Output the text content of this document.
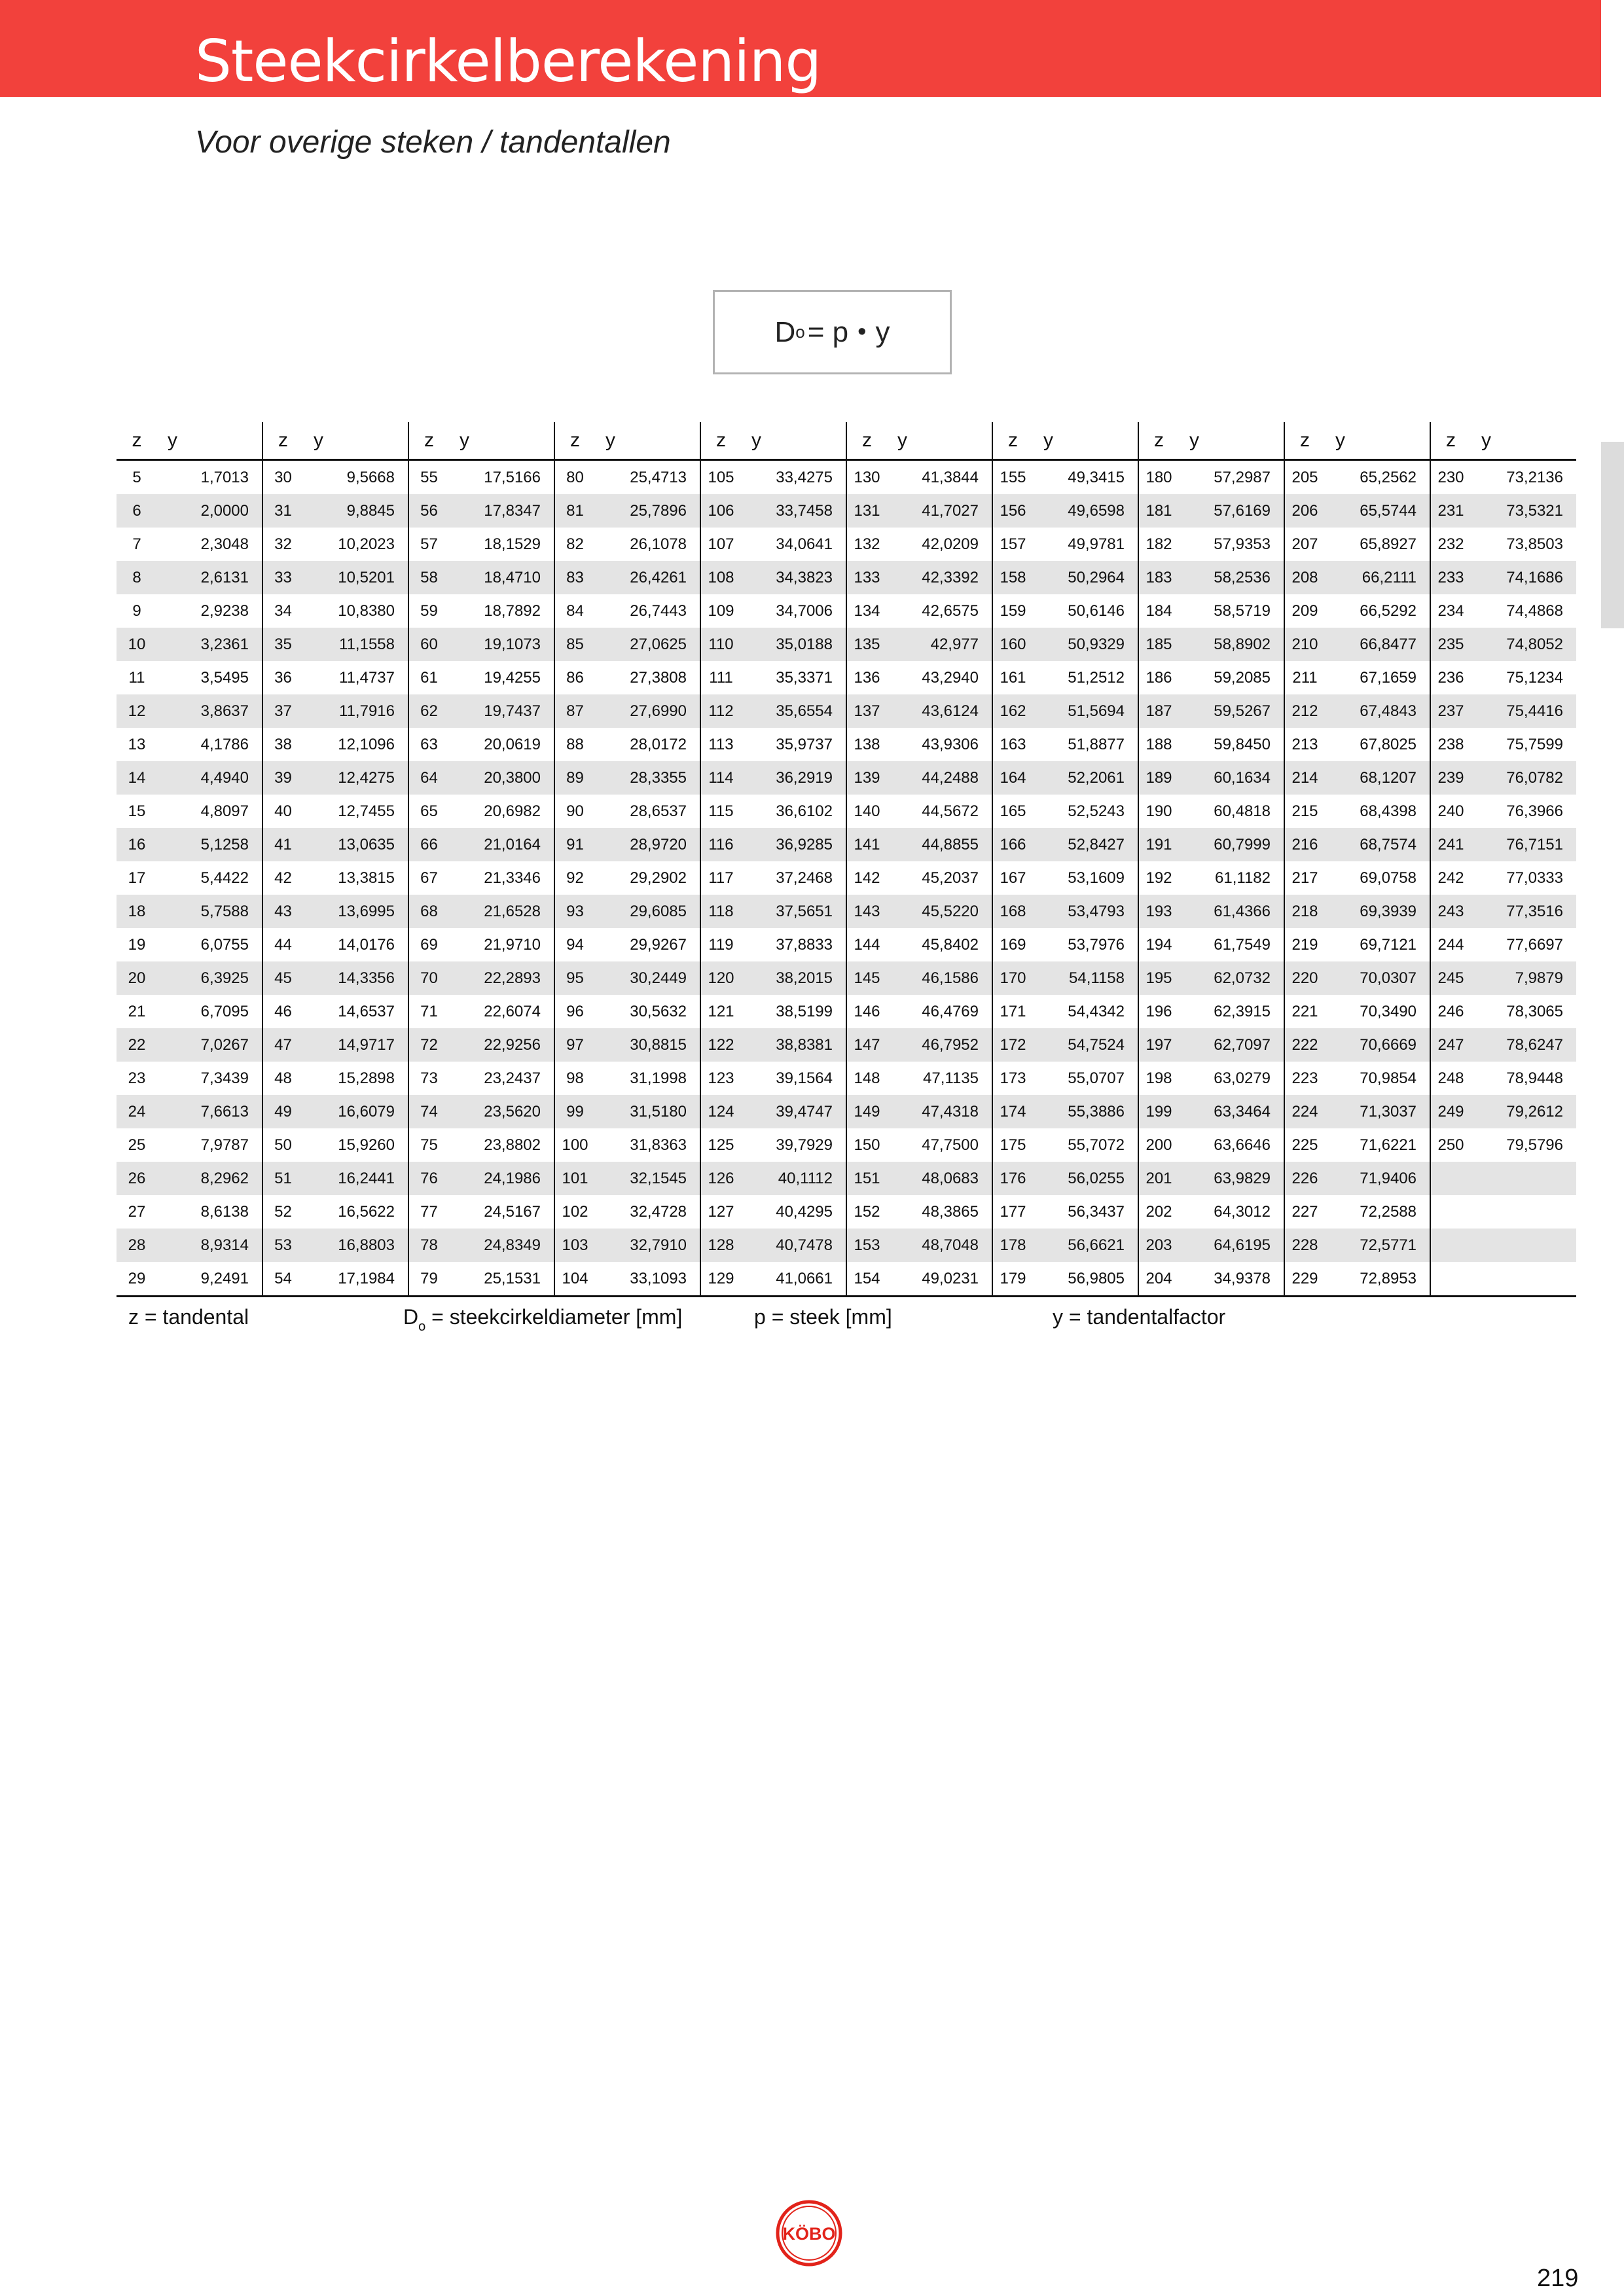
Steekcirkelberekening
Voor overige steken / tandentallen
D o = p • y
z	y	z	y	z	y	z	y	z	y	z	y	z	y	z	y	z	y	z	y
5	1,7013	30	9,5668	55	17,5166	80	25,4713	105	33,4275	130	41,3844	155	49,3415	180	57,2987	205	65,2562	230	73,2136
6	2,0000	31	9,8845	56	17,8347	81	25,7896	106	33,7458	131	41,7027	156	49,6598	181	57,6169	206	65,5744	231	73,5321
7	2,3048	32	10,2023	57	18,1529	82	26,1078	107	34,0641	132	42,0209	157	49,9781	182	57,9353	207	65,8927	232	73,8503
8	2,6131	33	10,5201	58	18,4710	83	26,4261	108	34,3823	133	42,3392	158	50,2964	183	58,2536	208	66,2111	233	74,1686
9	2,9238	34	10,8380	59	18,7892	84	26,7443	109	34,7006	134	42,6575	159	50,6146	184	58,5719	209	66,5292	234	74,4868
10	3,2361	35	11,1558	60	19,1073	85	27,0625	110	35,0188	135	42,977	160	50,9329	185	58,8902	210	66,8477	235	74,8052
11	3,5495	36	11,4737	61	19,4255	86	27,3808	111	35,3371	136	43,2940	161	51,2512	186	59,2085	211	67,1659	236	75,1234
12	3,8637	37	11,7916	62	19,7437	87	27,6990	112	35,6554	137	43,6124	162	51,5694	187	59,5267	212	67,4843	237	75,4416
13	4,1786	38	12,1096	63	20,0619	88	28,0172	113	35,9737	138	43,9306	163	51,8877	188	59,8450	213	67,8025	238	75,7599
14	4,4940	39	12,4275	64	20,3800	89	28,3355	114	36,2919	139	44,2488	164	52,2061	189	60,1634	214	68,1207	239	76,0782
15	4,8097	40	12,7455	65	20,6982	90	28,6537	115	36,6102	140	44,5672	165	52,5243	190	60,4818	215	68,4398	240	76,3966
16	5,1258	41	13,0635	66	21,0164	91	28,9720	116	36,9285	141	44,8855	166	52,8427	191	60,7999	216	68,7574	241	76,7151
17	5,4422	42	13,3815	67	21,3346	92	29,2902	117	37,2468	142	45,2037	167	53,1609	192	61,1182	217	69,0758	242	77,0333
18	5,7588	43	13,6995	68	21,6528	93	29,6085	118	37,5651	143	45,5220	168	53,4793	193	61,4366	218	69,3939	243	77,3516
19	6,0755	44	14,0176	69	21,9710	94	29,9267	119	37,8833	144	45,8402	169	53,7976	194	61,7549	219	69,7121	244	77,6697
20	6,3925	45	14,3356	70	22,2893	95	30,2449	120	38,2015	145	46,1586	170	54,1158	195	62,0732	220	70,0307	245	7,9879
21	6,7095	46	14,6537	71	22,6074	96	30,5632	121	38,5199	146	46,4769	171	54,4342	196	62,3915	221	70,3490	246	78,3065
22	7,0267	47	14,9717	72	22,9256	97	30,8815	122	38,8381	147	46,7952	172	54,7524	197	62,7097	222	70,6669	247	78,6247
23	7,3439	48	15,2898	73	23,2437	98	31,1998	123	39,1564	148	47,1135	173	55,0707	198	63,0279	223	70,9854	248	78,9448
24	7,6613	49	16,6079	74	23,5620	99	31,5180	124	39,4747	149	47,4318	174	55,3886	199	63,3464	224	71,3037	249	79,2612
25	7,9787	50	15,9260	75	23,8802	100	31,8363	125	39,7929	150	47,7500	175	55,7072	200	63,6646	225	71,6221	250	79,5796
26	8,2962	51	16,2441	76	24,1986	101	32,1545	126	40,1112	151	48,0683	176	56,0255	201	63,9829	226	71,9406		
27	8,6138	52	16,5622	77	24,5167	102	32,4728	127	40,4295	152	48,3865	177	56,3437	202	64,3012	227	72,2588		
28	8,9314	53	16,8803	78	24,8349	103	32,7910	128	40,7478	153	48,7048	178	56,6621	203	64,6195	228	72,5771		
29	9,2491	54	17,1984	79	25,1531	104	33,1093	129	41,0661	154	49,0231	179	56,9805	204	34,9378	229	72,8953		
z = tandental	$D_o$ = steekcirkeldiameter [mm]	p = steek [mm]	y = tandentalfactor
KÖBO
219
